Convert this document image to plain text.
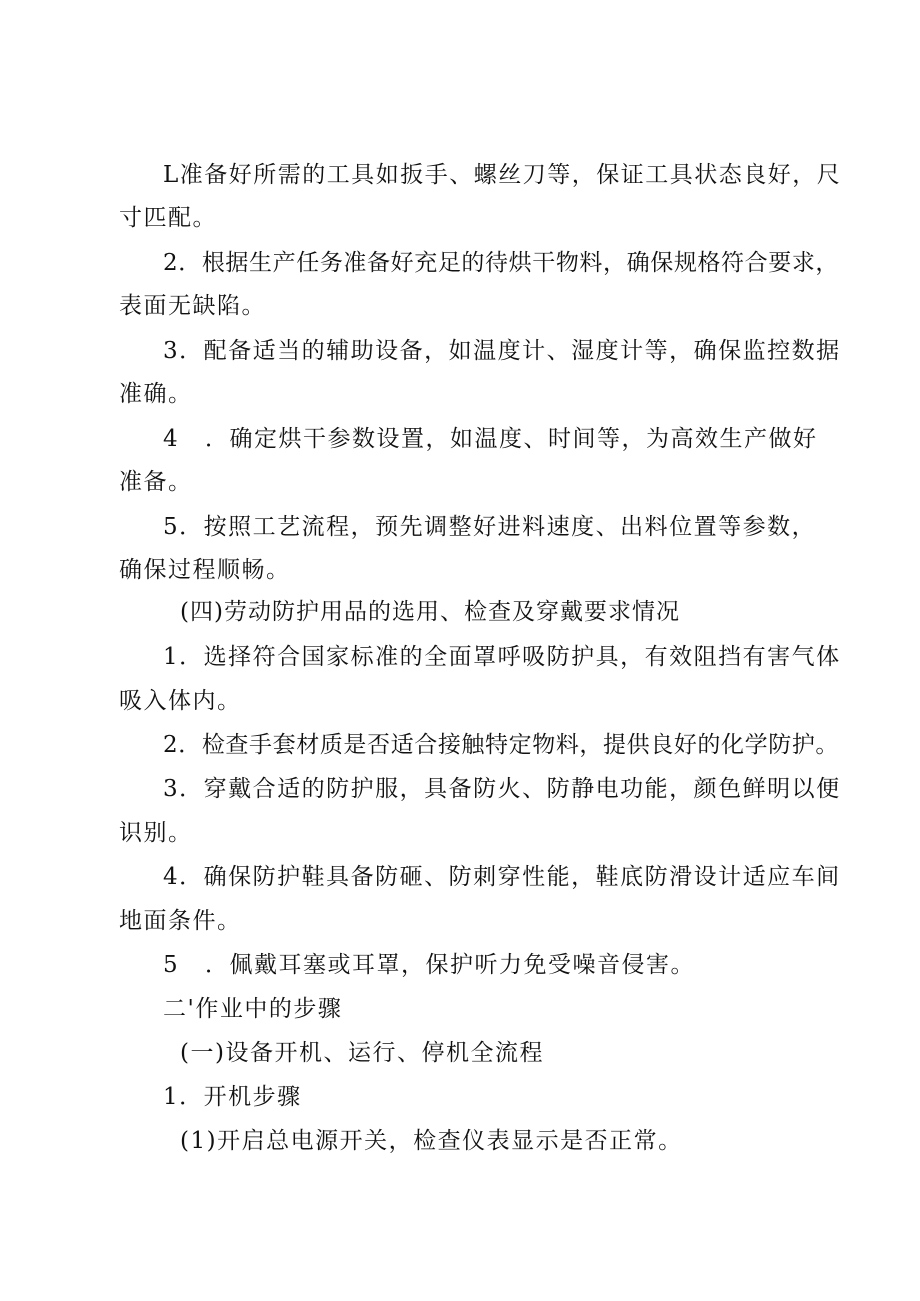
L准备好所需的工具如扳手、螺丝刀等，保证工具状态良好，尺
寸匹配。
2．根据生产任务准备好充足的待烘干物料，确保规格符合要求，
表面无缺陷。
3．配备适当的辅助设备，如温度计、湿度计等，确保监控数据
准确。
4 ．确定烘干参数设置，如温度、时间等，为高效生产做好
准备。
5．按照工艺流程，预先调整好进料速度、出料位置等参数，
确保过程顺畅。
(四)劳动防护用品的选用、检查及穿戴要求情况
1．选择符合国家标准的全面罩呼吸防护具，有效阻挡有害气体
吸入体内。
2．检查手套材质是否适合接触特定物料，提供良好的化学防护。
3．穿戴合适的防护服，具备防火、防静电功能，颜色鲜明以便
识别。
4．确保防护鞋具备防砸、防刺穿性能，鞋底防滑设计适应车间
地面条件。
5 ．佩戴耳塞或耳罩，保护听力免受噪音侵害。
二'作业中的步骤
(一)设备开机、运行、停机全流程
1．开机步骤
(1)开启总电源开关，检查仪表显示是否正常。
